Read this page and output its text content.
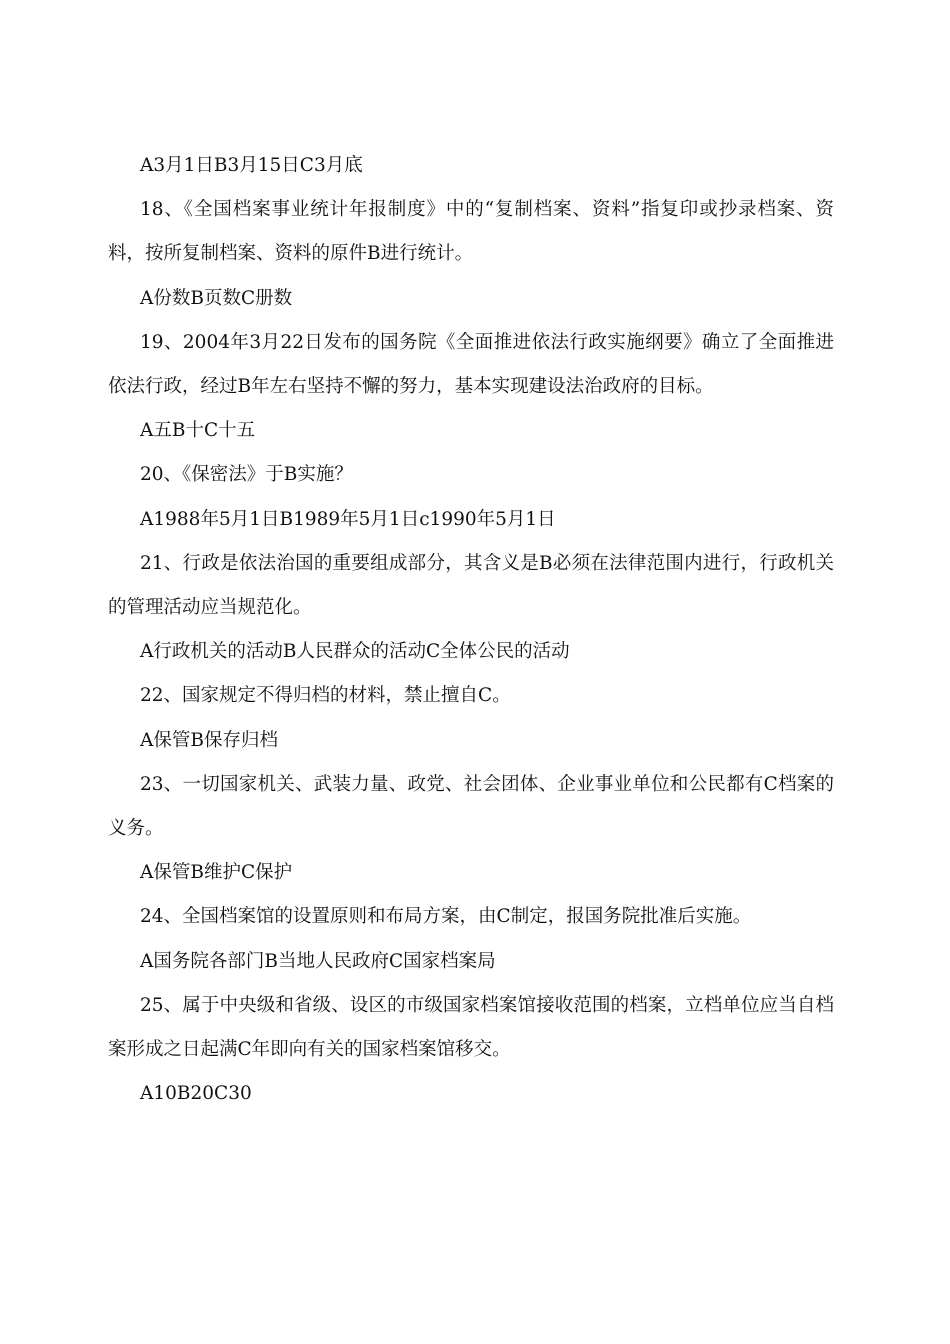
A3月1日B3月15日C3月底

18、《全国档案事业统计年报制度》中的“复制档案、资料”指复印或抄录档案、资料，按所复制档案、资料的原件B进行统计。

A份数B页数C册数

19、2004年3月22日发布的国务院《全面推进依法行政实施纲要》确立了全面推进依法行政，经过B年左右坚持不懈的努力，基本实现建设法治政府的目标。

A五B十C十五

20、《保密法》于B实施？

A1988年5月1日B1989年5月1日c1990年5月1日

21、行政是依法治国的重要组成部分，其含义是B必须在法律范围内进行，行政机关的管理活动应当规范化。

A行政机关的活动B人民群众的活动C全体公民的活动

22、国家规定不得归档的材料，禁止擅自C。

A保管B保存归档

23、一切国家机关、武装力量、政党、社会团体、企业事业单位和公民都有C档案的义务。

A保管B维护C保护

24、全国档案馆的设置原则和布局方案，由C制定，报国务院批准后实施。

A国务院各部门B当地人民政府C国家档案局

25、属于中央级和省级、设区的市级国家档案馆接收范围的档案，立档单位应当自档案形成之日起满C年即向有关的国家档案馆移交。

A10B20C30
